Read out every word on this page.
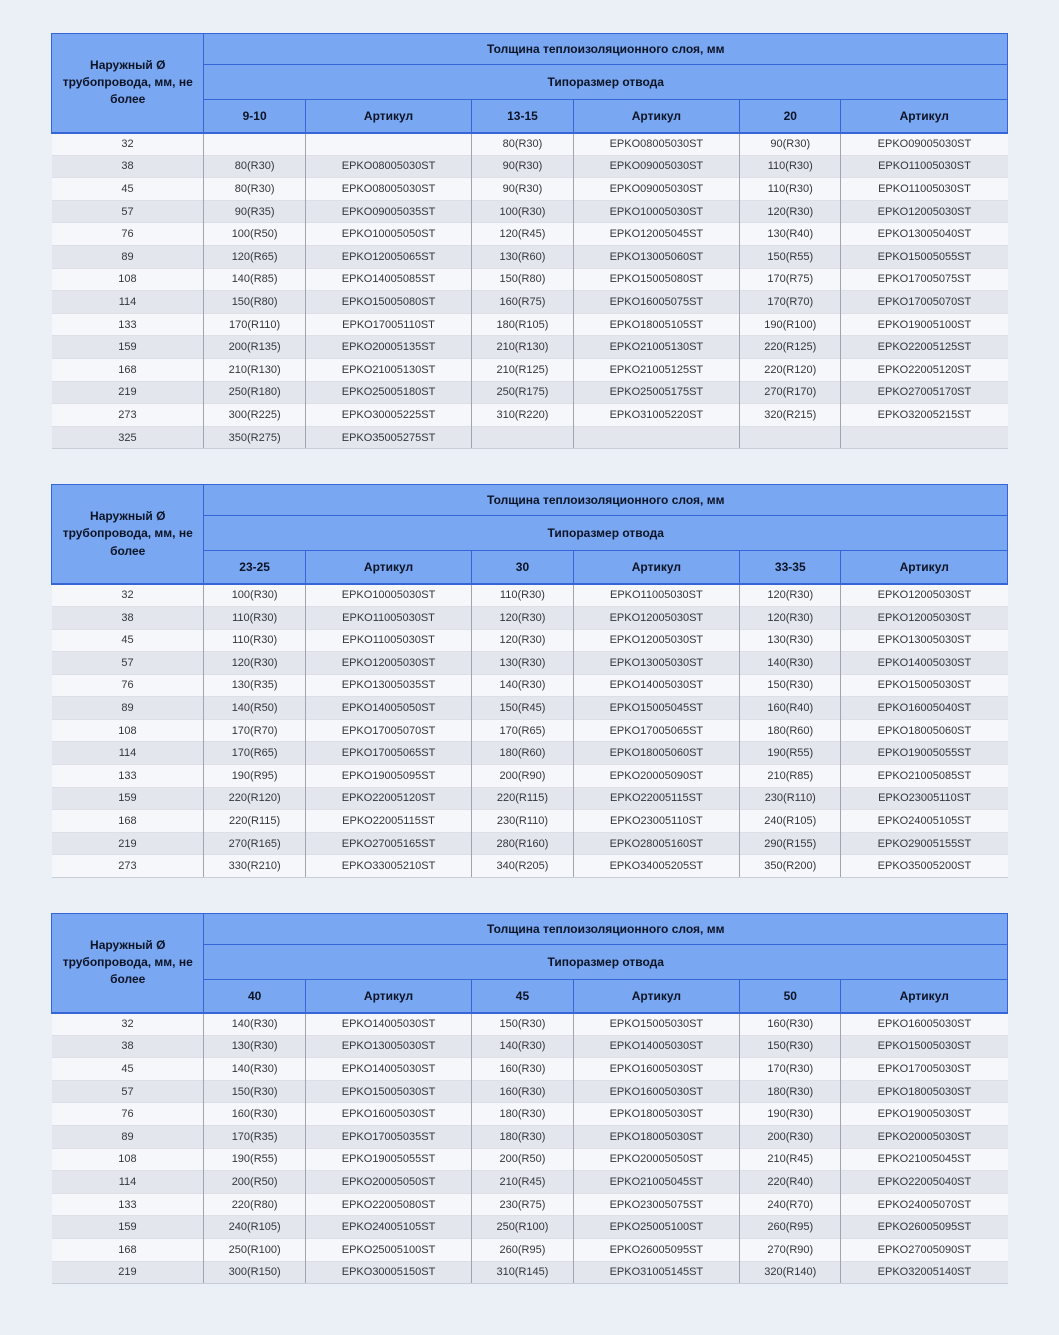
Наружный Ø трубопровода, мм, не более	Толщина теплоизоляционного слоя, мм					
	Типоразмер отвода					
	9-10	Артикул	13-15	Артикул	20	Артикул
32			80(R30)	EPKO08005030ST	90(R30)	EPKO09005030ST
38	80(R30)	EPKO08005030ST	90(R30)	EPKO09005030ST	110(R30)	EPKO11005030ST
45	80(R30)	EPKO08005030ST	90(R30)	EPKO09005030ST	110(R30)	EPKO11005030ST
57	90(R35)	EPKO09005035ST	100(R30)	EPKO10005030ST	120(R30)	EPKO12005030ST
76	100(R50)	EPKO10005050ST	120(R45)	EPKO12005045ST	130(R40)	EPKO13005040ST
89	120(R65)	EPKO12005065ST	130(R60)	EPKO13005060ST	150(R55)	EPKO15005055ST
108	140(R85)	EPKO14005085ST	150(R80)	EPKO15005080ST	170(R75)	EPKO17005075ST
114	150(R80)	EPKO15005080ST	160(R75)	EPKO16005075ST	170(R70)	EPKO17005070ST
133	170(R110)	EPKO17005110ST	180(R105)	EPKO18005105ST	190(R100)	EPKO19005100ST
159	200(R135)	EPKO20005135ST	210(R130)	EPKO21005130ST	220(R125)	EPKO22005125ST
168	210(R130)	EPKO21005130ST	210(R125)	EPKO21005125ST	220(R120)	EPKO22005120ST
219	250(R180)	EPKO25005180ST	250(R175)	EPKO25005175ST	270(R170)	EPKO27005170ST
273	300(R225)	EPKO30005225ST	310(R220)	EPKO31005220ST	320(R215)	EPKO32005215ST
325	350(R275)	EPKO35005275ST				
Наружный Ø трубопровода, мм, не более	Толщина теплоизоляционного слоя, мм					
	Типоразмер отвода					
	23-25	Артикул	30	Артикул	33-35	Артикул
32	100(R30)	EPKO10005030ST	110(R30)	EPKO11005030ST	120(R30)	EPKO12005030ST
38	110(R30)	EPKO11005030ST	120(R30)	EPKO12005030ST	120(R30)	EPKO12005030ST
45	110(R30)	EPKO11005030ST	120(R30)	EPKO12005030ST	130(R30)	EPKO13005030ST
57	120(R30)	EPKO12005030ST	130(R30)	EPKO13005030ST	140(R30)	EPKO14005030ST
76	130(R35)	EPKO13005035ST	140(R30)	EPKO14005030ST	150(R30)	EPKO15005030ST
89	140(R50)	EPKO14005050ST	150(R45)	EPKO15005045ST	160(R40)	EPKO16005040ST
108	170(R70)	EPKO17005070ST	170(R65)	EPKO17005065ST	180(R60)	EPKO18005060ST
114	170(R65)	EPKO17005065ST	180(R60)	EPKO18005060ST	190(R55)	EPKO19005055ST
133	190(R95)	EPKO19005095ST	200(R90)	EPKO20005090ST	210(R85)	EPKO21005085ST
159	220(R120)	EPKO22005120ST	220(R115)	EPKO22005115ST	230(R110)	EPKO23005110ST
168	220(R115)	EPKO22005115ST	230(R110)	EPKO23005110ST	240(R105)	EPKO24005105ST
219	270(R165)	EPKO27005165ST	280(R160)	EPKO28005160ST	290(R155)	EPKO29005155ST
273	330(R210)	EPKO33005210ST	340(R205)	EPKO34005205ST	350(R200)	EPKO35005200ST
Наружный Ø трубопровода, мм, не более	Толщина теплоизоляционного слоя, мм					
	Типоразмер отвода					
	40	Артикул	45	Артикул	50	Артикул
32	140(R30)	EPKO14005030ST	150(R30)	EPKO15005030ST	160(R30)	EPKO16005030ST
38	130(R30)	EPKO13005030ST	140(R30)	EPKO14005030ST	150(R30)	EPKO15005030ST
45	140(R30)	EPKO14005030ST	160(R30)	EPKO16005030ST	170(R30)	EPKO17005030ST
57	150(R30)	EPKO15005030ST	160(R30)	EPKO16005030ST	180(R30)	EPKO18005030ST
76	160(R30)	EPKO16005030ST	180(R30)	EPKO18005030ST	190(R30)	EPKO19005030ST
89	170(R35)	EPKO17005035ST	180(R30)	EPKO18005030ST	200(R30)	EPKO20005030ST
108	190(R55)	EPKO19005055ST	200(R50)	EPKO20005050ST	210(R45)	EPKO21005045ST
114	200(R50)	EPKO20005050ST	210(R45)	EPKO21005045ST	220(R40)	EPKO22005040ST
133	220(R80)	EPKO22005080ST	230(R75)	EPKO23005075ST	240(R70)	EPKO24005070ST
159	240(R105)	EPKO24005105ST	250(R100)	EPKO25005100ST	260(R95)	EPKO26005095ST
168	250(R100)	EPKO25005100ST	260(R95)	EPKO26005095ST	270(R90)	EPKO27005090ST
219	300(R150)	EPKO30005150ST	310(R145)	EPKO31005145ST	320(R140)	EPKO32005140ST
